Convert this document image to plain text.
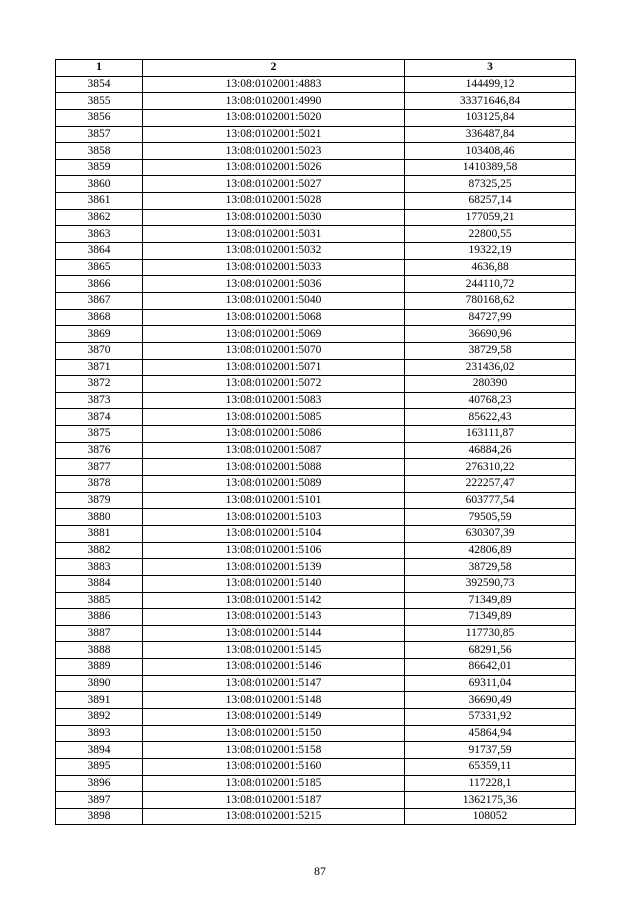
1	2	3
3854	13:08:0102001:4883	144499,12
3855	13:08:0102001:4990	33371646,84
3856	13:08:0102001:5020	103125,84
3857	13:08:0102001:5021	336487,84
3858	13:08:0102001:5023	103408,46
3859	13:08:0102001:5026	1410389,58
3860	13:08:0102001:5027	87325,25
3861	13:08:0102001:5028	68257,14
3862	13:08:0102001:5030	177059,21
3863	13:08:0102001:5031	22800,55
3864	13:08:0102001:5032	19322,19
3865	13:08:0102001:5033	4636,88
3866	13:08:0102001:5036	244110,72
3867	13:08:0102001:5040	780168,62
3868	13:08:0102001:5068	84727,99
3869	13:08:0102001:5069	36690,96
3870	13:08:0102001:5070	38729,58
3871	13:08:0102001:5071	231436,02
3872	13:08:0102001:5072	280390
3873	13:08:0102001:5083	40768,23
3874	13:08:0102001:5085	85622,43
3875	13:08:0102001:5086	163111,87
3876	13:08:0102001:5087	46884,26
3877	13:08:0102001:5088	276310,22
3878	13:08:0102001:5089	222257,47
3879	13:08:0102001:5101	603777,54
3880	13:08:0102001:5103	79505,59
3881	13:08:0102001:5104	630307,39
3882	13:08:0102001:5106	42806,89
3883	13:08:0102001:5139	38729,58
3884	13:08:0102001:5140	392590,73
3885	13:08:0102001:5142	71349,89
3886	13:08:0102001:5143	71349,89
3887	13:08:0102001:5144	117730,85
3888	13:08:0102001:5145	68291,56
3889	13:08:0102001:5146	86642,01
3890	13:08:0102001:5147	69311,04
3891	13:08:0102001:5148	36690,49
3892	13:08:0102001:5149	57331,92
3893	13:08:0102001:5150	45864,94
3894	13:08:0102001:5158	91737,59
3895	13:08:0102001:5160	65359,11
3896	13:08:0102001:5185	117228,1
3897	13:08:0102001:5187	1362175,36
3898	13:08:0102001:5215	108052
87
